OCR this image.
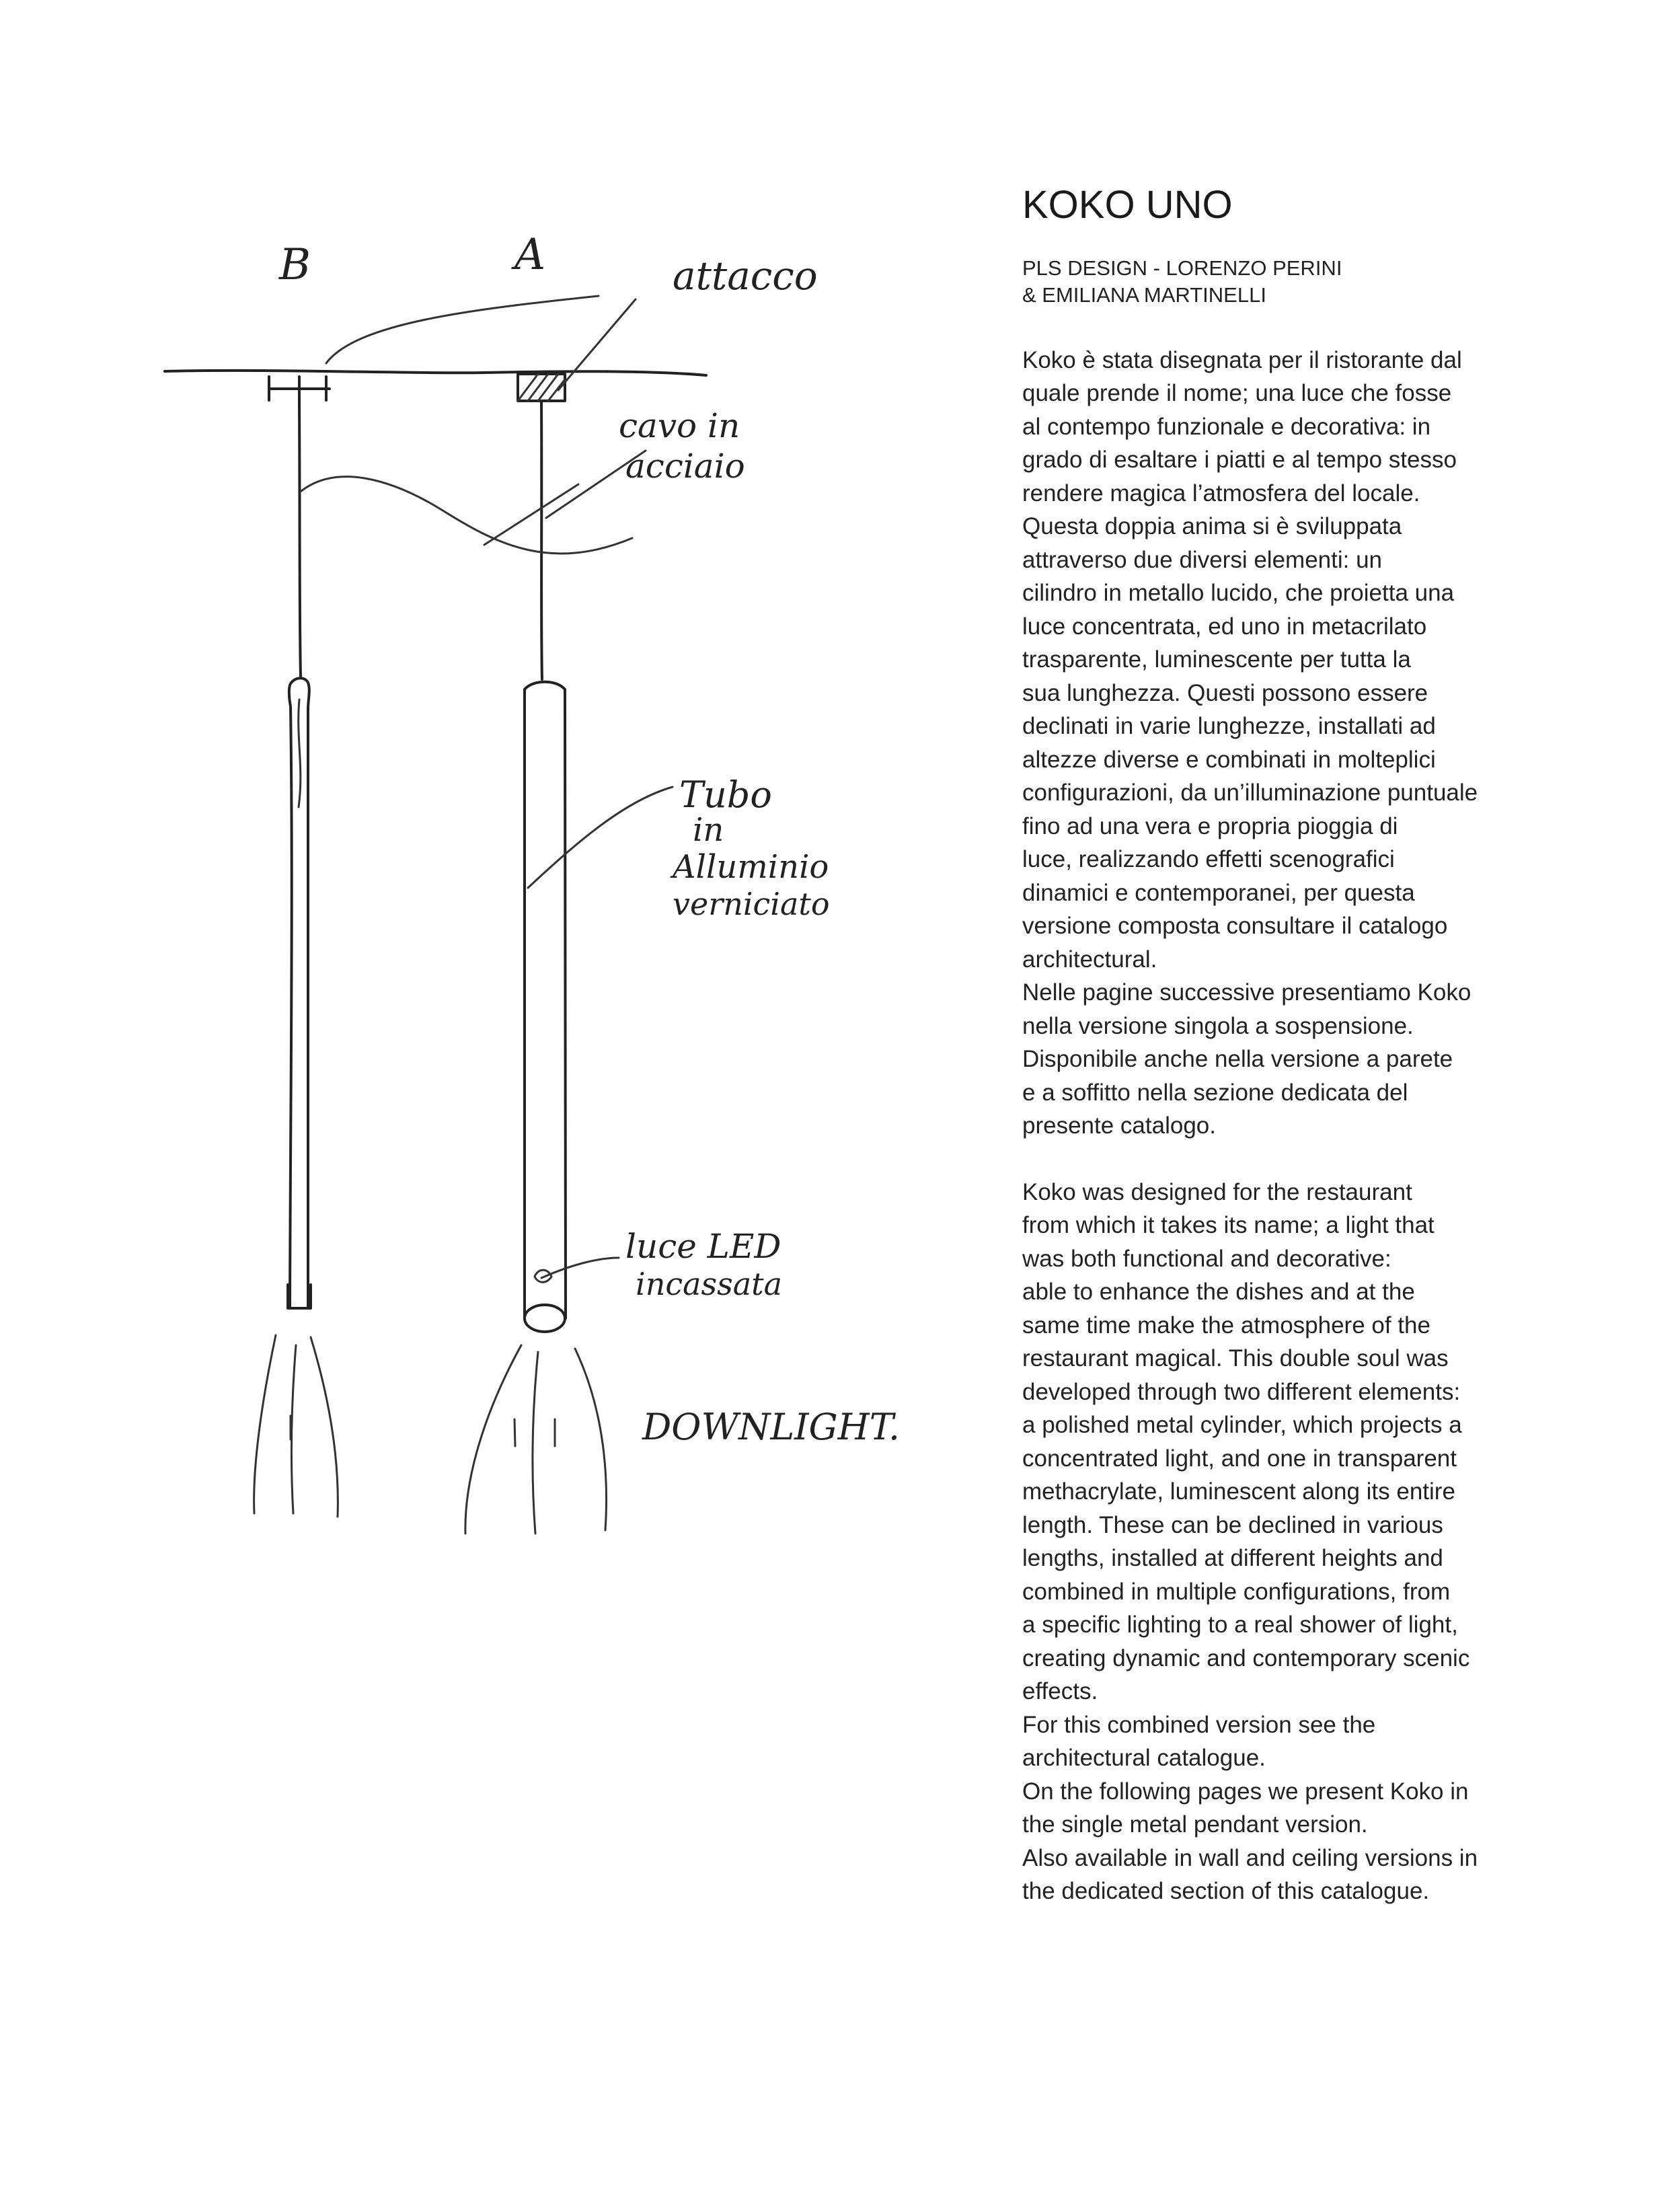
B	A	attacco
cavo in
acciaio
Tubo
in
Alluminio
verniciato
luce LED
incassata
DOWNLIGHT.
KOKO UNO
PLS DESIGN - LORENZO PERINI
& EMILIANA MARTINELLI
Koko è stata disegnata per il ristorante dal
quale prende il nome; una luce che fosse
al contempo funzionale e decorativa: in
grado di esaltare i piatti e al tempo stesso
rendere magica l’atmosfera del locale.
Questa doppia anima si è sviluppata
attraverso due diversi elementi: un
cilindro in metallo lucido, che proietta una
luce concentrata, ed uno in metacrilato
trasparente, luminescente per tutta la
sua lunghezza. Questi possono essere
declinati in varie lunghezze, installati ad
altezze diverse e combinati in molteplici
configurazioni, da un’illuminazione puntuale
fino ad una vera e propria pioggia di
luce, realizzando effetti scenografici
dinamici e contemporanei, per questa
versione composta consultare il catalogo
architectural.
Nelle pagine successive presentiamo Koko
nella versione singola a sospensione.
Disponibile anche nella versione a parete
e a soffitto nella sezione dedicata del
presente catalogo.
Koko was designed for the restaurant
from which it takes its name; a light that
was both functional and decorative:
able to enhance the dishes and at the
same time make the atmosphere of the
restaurant magical. This double soul was
developed through two different elements:
a polished metal cylinder, which projects a
concentrated light, and one in transparent
methacrylate, luminescent along its entire
length. These can be declined in various
lengths, installed at different heights and
combined in multiple configurations, from
a specific lighting to a real shower of light,
creating dynamic and contemporary scenic
effects.
For this combined version see the
architectural catalogue.
On the following pages we present Koko in
the single metal pendant version.
Also available in wall and ceiling versions in
the dedicated section of this catalogue.
